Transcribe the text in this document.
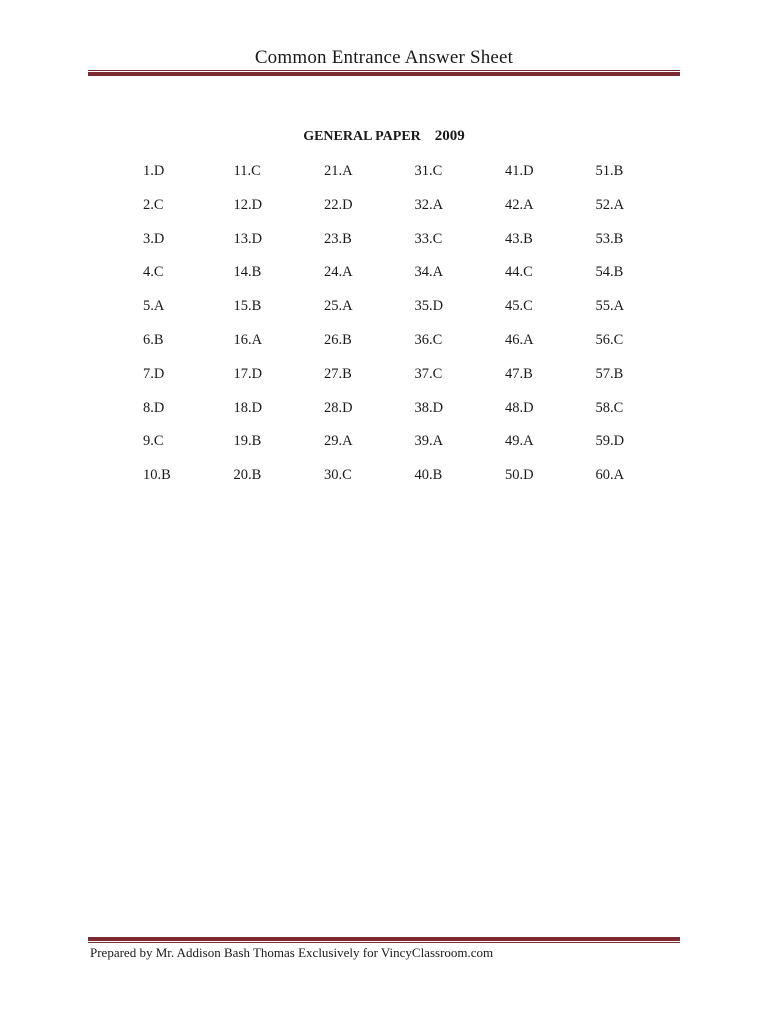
Common Entrance Answer Sheet
GENERAL PAPER 2009
1.D	11.C	21.A	31.C	41.D	51.B
2.C	12.D	22.D	32.A	42.A	52.A
3.D	13.D	23.B	33.C	43.B	53.B
4.C	14.B	24.A	34.A	44.C	54.B
5.A	15.B	25.A	35.D	45.C	55.A
6.B	16.A	26.B	36.C	46.A	56.C
7.D	17.D	27.B	37.C	47.B	57.B
8.D	18.D	28.D	38.D	48.D	58.C
9.C	19.B	29.A	39.A	49.A	59.D
10.B	20.B	30.C	40.B	50.D	60.A
Prepared by Mr. Addison Bash Thomas Exclusively for VincyClassroom.com
